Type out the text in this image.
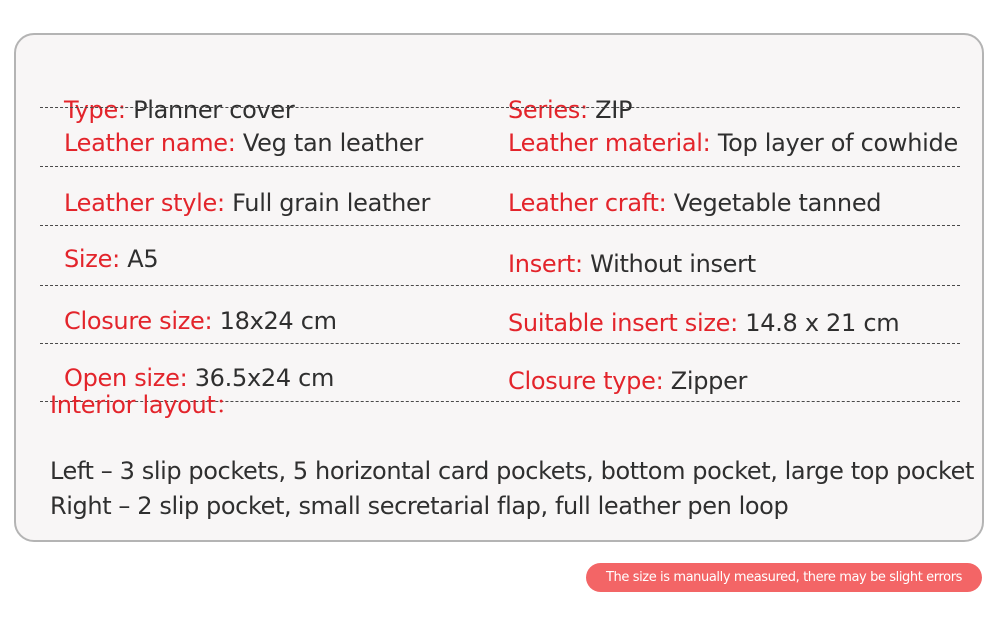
Type: Planner cover	Series: ZIP
Leather name: Veg tan leather	Leather material: Top layer of cowhide
Leather style: Full grain leather	Leather craft: Vegetable tanned
Size: A5	Insert: Without insert
Closure size: 18x24 cm	Suitable insert size: 14.8 x 21 cm
Open size: 36.5x24 cm	Closure type: Zipper
Interior layout：
Left – 3 slip pockets, 5 horizontal card pockets, bottom pocket, large top pocket
Right – 2 slip pocket, small secretarial flap, full leather pen loop
The size is manually measured, there may be slight errors
